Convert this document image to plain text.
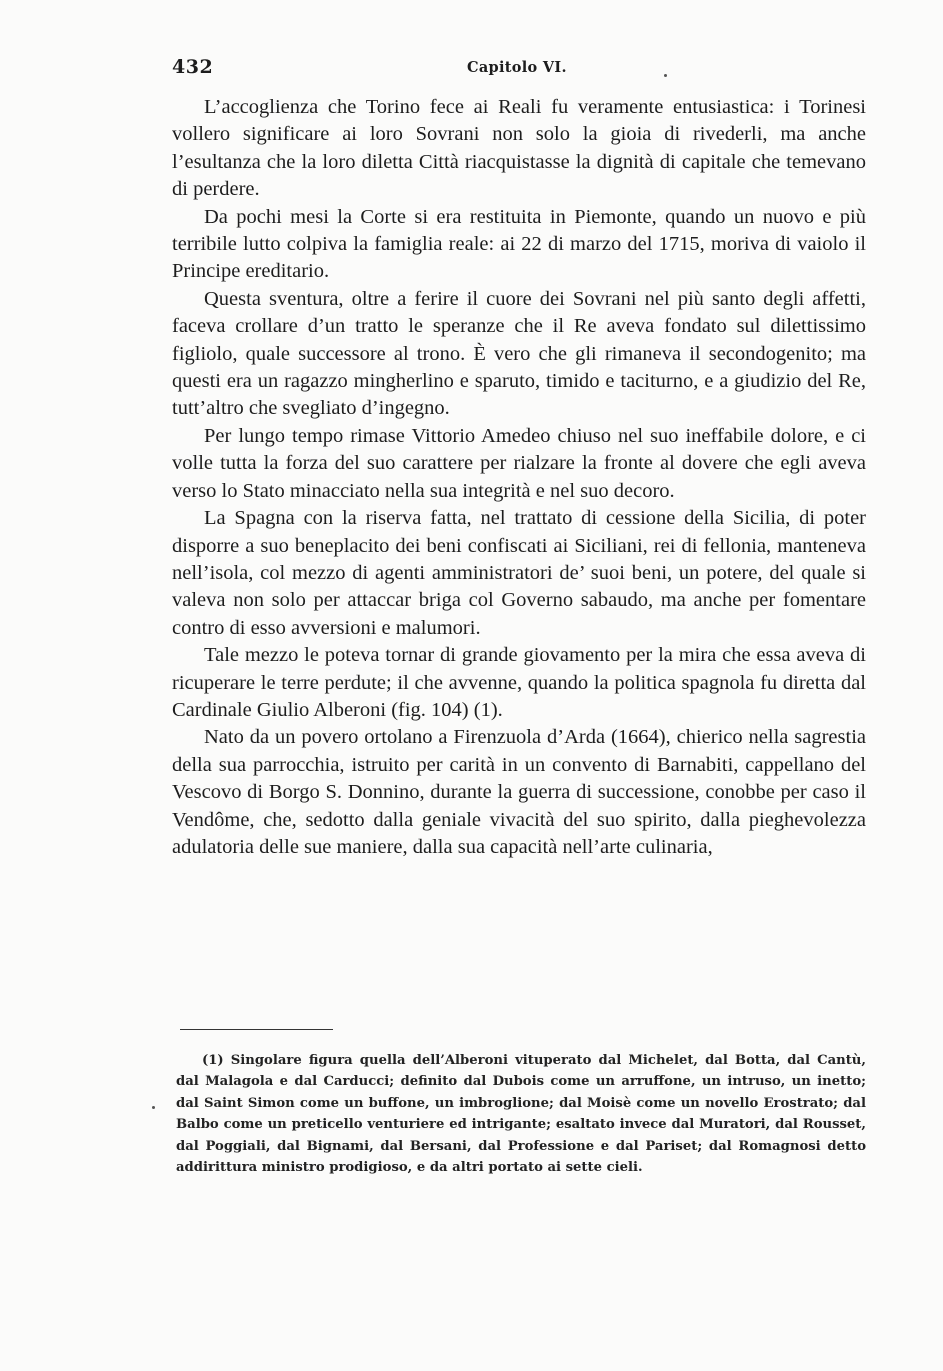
432	Capitolo VI.

L’accoglienza che Torino fece ai Reali fu veramente entusiastica: i Torinesi vollero significare ai loro Sovrani non solo la gioia di rivederli, ma anche l’esultanza che la loro diletta Città riacquistasse la dignità di capitale che temevano di perdere.

Da pochi mesi la Corte si era restituita in Piemonte, quando un nuovo e più terribile lutto colpiva la famiglia reale: ai 22 di marzo del 1715, moriva di vaiolo il Principe ereditario.

Questa sventura, oltre a ferire il cuore dei Sovrani nel più santo degli affetti, faceva crollare d’un tratto le speranze che il Re aveva fondato sul dilettissimo figliolo, quale successore al trono. È vero che gli rimaneva il secondogenito; ma questi era un ragazzo mingherlino e sparuto, timido e taciturno, e a giudizio del Re, tutt’altro che svegliato d’ingegno.

Per lungo tempo rimase Vittorio Amedeo chiuso nel suo ineffabile dolore, e ci volle tutta la forza del suo carattere per rialzare la fronte al dovere che egli aveva verso lo Stato minacciato nella sua integrità e nel suo decoro.

La Spagna con la riserva fatta, nel trattato di cessione della Sicilia, di poter disporre a suo beneplacito dei beni confiscati ai Siciliani, rei di fellonia, manteneva nell’isola, col mezzo di agenti amministratori de’ suoi beni, un potere, del quale si valeva non solo per attaccar briga col Governo sabaudo, ma anche per fomentare contro di esso avversioni e malumori.

Tale mezzo le poteva tornar di grande giovamento per la mira che essa aveva di ricuperare le terre perdute; il che avvenne, quando la politica spagnola fu diretta dal Cardinale Giulio Alberoni (fig. 104) (1).

Nato da un povero ortolano a Firenzuola d’Arda (1664), chierico nella sagrestia della sua parrocchia, istruito per carità in un convento di Barnabiti, cappellano del Vescovo di Borgo S. Donnino, durante la guerra di successione, conobbe per caso il Vendôme, che, sedotto dalla geniale vivacità del suo spirito, dalla pieghevolezza adulatoria delle sue maniere, dalla sua capacità nell’arte culinaria,

(1) Singolare figura quella dell’Alberoni vituperato dal Michelet, dal Botta, dal Cantù, dal Malagola e dal Carducci; definito dal Dubois come un arruffone, un intruso, un inetto; dal Saint Simon come un buffone, un imbroglione; dal Moisè come un novello Erostrato; dal Balbo come un preticello venturiere ed intrigante; esaltato invece dal Muratori, dal Rousset, dal Poggiali, dal Bignami, dal Bersani, dal Professione e dal Pariset; dal Romagnosi detto addirittura ministro prodigioso, e da altri portato ai sette cieli.
